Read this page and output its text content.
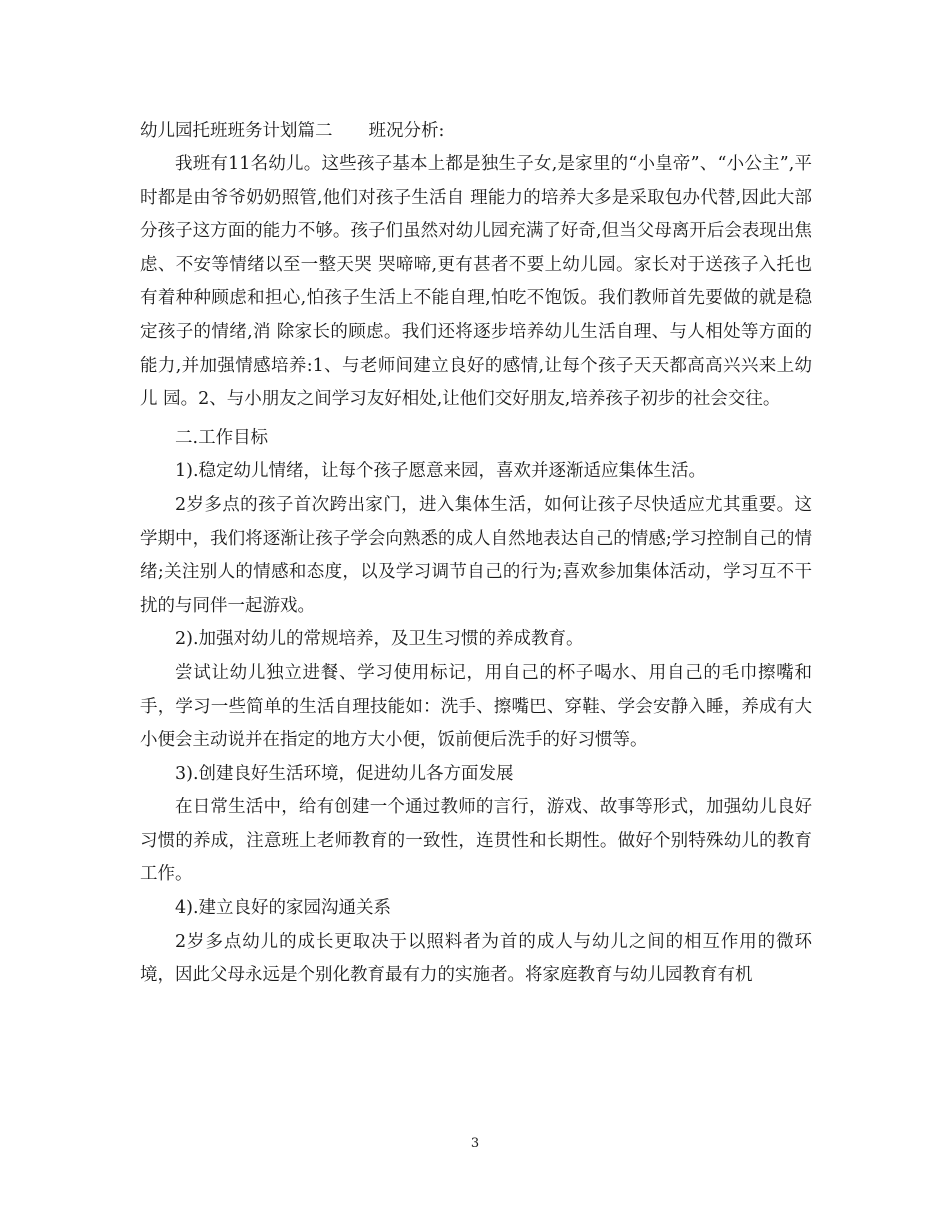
幼儿园托班班务计划篇二 班况分析:

我班有11名幼儿。这些孩子基本上都是独生子女,是家里的“小皇帝”、“小公主”,平时都是由爷爷奶奶照管,他们对孩子生活自 理能力的培养大多是采取包办代替,因此大部分孩子这方面的能力不够。孩子们虽然对幼儿园充满了好奇,但当父母离开后会表现出焦虑、不安等情绪以至一整天哭 哭啼啼,更有甚者不要上幼儿园。家长对于送孩子入托也有着种种顾虑和担心,怕孩子生活上不能自理,怕吃不饱饭。我们教师首先要做的就是稳定孩子的情绪,消 除家长的顾虑。我们还将逐步培养幼儿生活自理、与人相处等方面的能力,并加强情感培养:1、与老师间建立良好的感情,让每个孩子天天都高高兴兴来上幼儿 园。2、与小朋友之间学习友好相处,让他们交好朋友,培养孩子初步的社会交往。

二.工作目标

1).稳定幼儿情绪，让每个孩子愿意来园，喜欢并逐渐适应集体生活。

2岁多点的孩子首次跨出家门，进入集体生活，如何让孩子尽快适应尤其重要。这学期中，我们将逐渐让孩子学会向熟悉的成人自然地表达自己的情感;学习控制自己的情绪;关注别人的情感和态度，以及学习调节自己的行为;喜欢参加集体活动，学习互不干扰的与同伴一起游戏。

2).加强对幼儿的常规培养，及卫生习惯的养成教育。

尝试让幼儿独立进餐、学习使用标记，用自己的杯子喝水、用自己的毛巾擦嘴和手，学习一些简单的生活自理技能如：洗手、擦嘴巴、穿鞋、学会安静入睡，养成有大小便会主动说并在指定的地方大小便，饭前便后洗手的好习惯等。

3).创建良好生活环境，促进幼儿各方面发展

在日常生活中，给有创建一个通过教师的言行，游戏、故事等形式，加强幼儿良好习惯的养成，注意班上老师教育的一致性，连贯性和长期性。做好个别特殊幼儿的教育工作。

4).建立良好的家园沟通关系

2岁多点幼儿的成长更取决于以照料者为首的成人与幼儿之间的相互作用的微环境，因此父母永远是个别化教育最有力的实施者。将家庭教育与幼儿园教育有机

3
